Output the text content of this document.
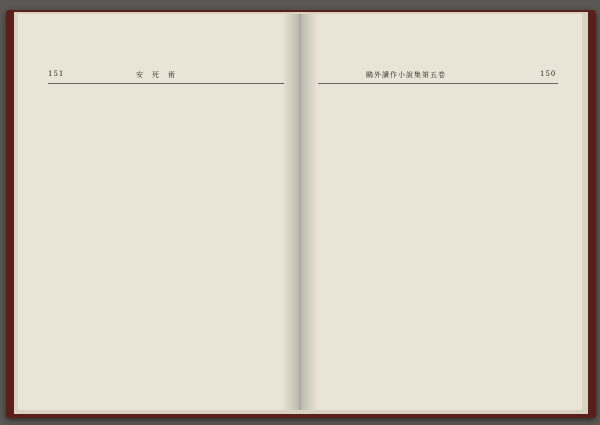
151	安　死　術	鷗外讀作小說集第五卷	150
